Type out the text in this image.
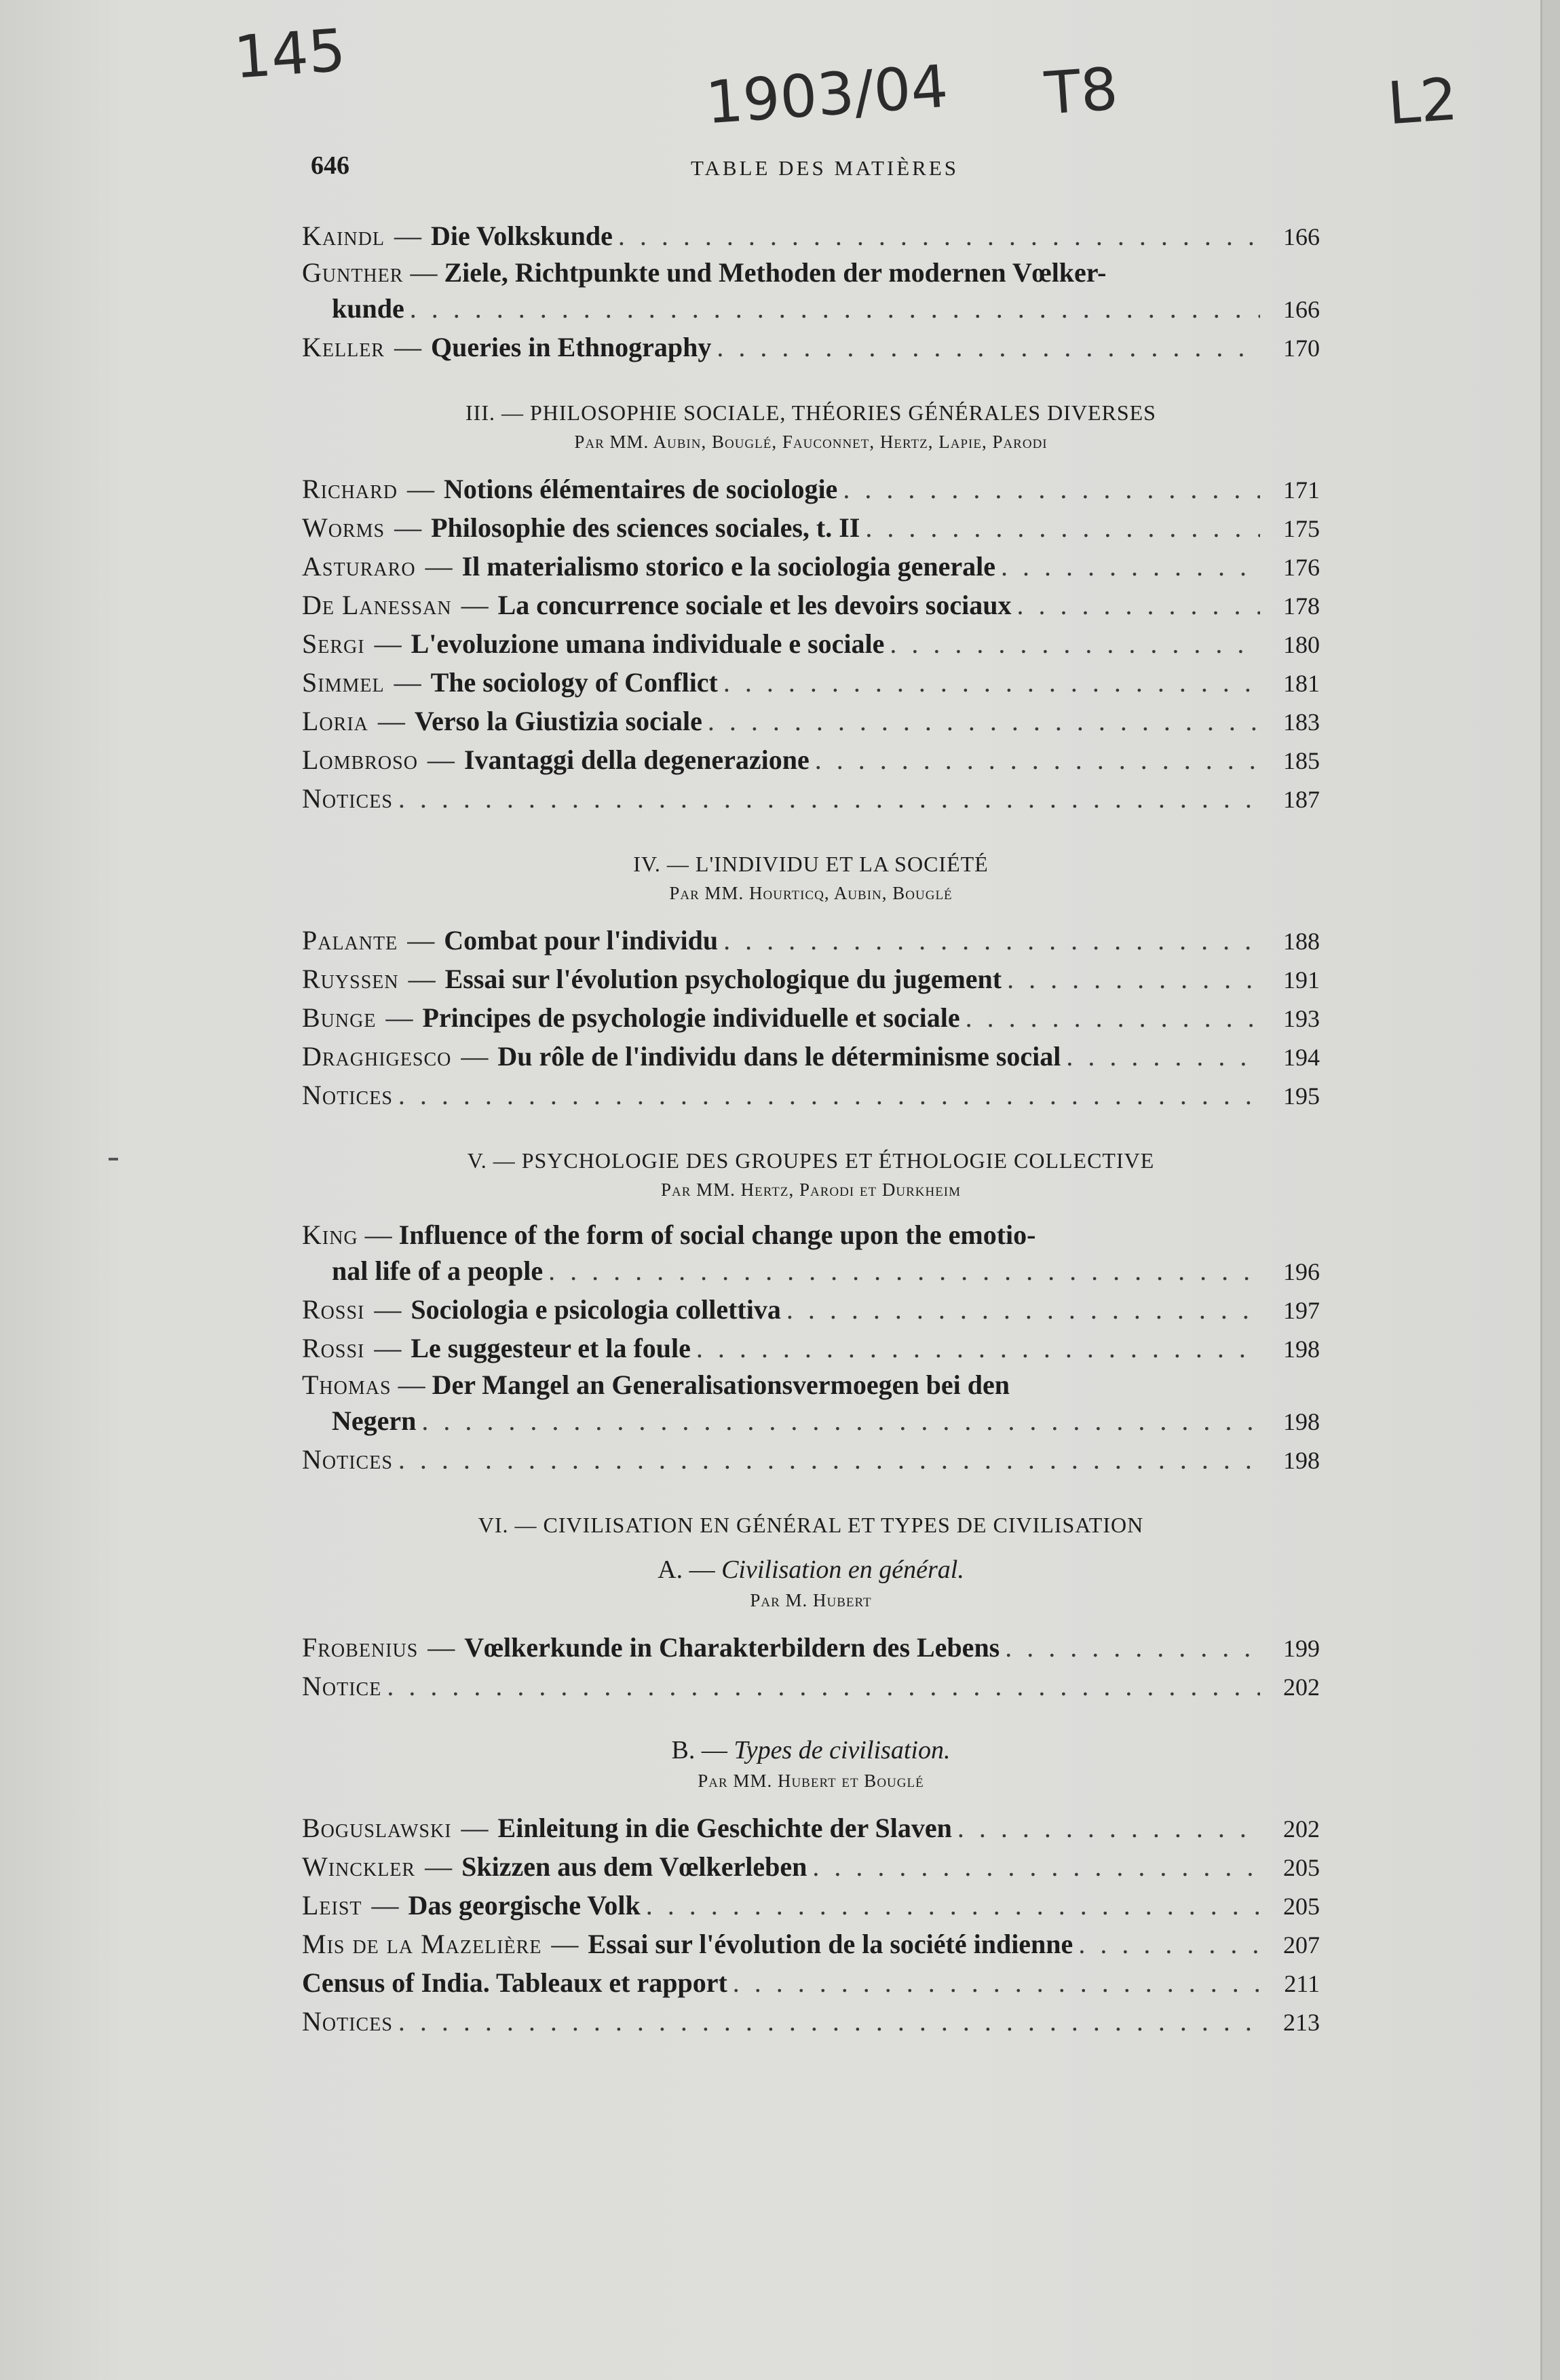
145	1903/04 T8	L2
646	TABLE DES MATIÈRES
Kaindl — Die Volkskunde . . .	166
Gunther — Ziele, Richtpunkte und Methoden der modernen Vœlker-
kunde . . .	166
Keller — Queries in Ethnography . . .	170
III. — PHILOSOPHIE SOCIALE, THÉORIES GÉNÉRALES DIVERSES
Par MM. Aubin, Bouglé, Fauconnet, Hertz, Lapie, Parodi
Richard — Notions élémentaires de sociologie . . .	171
Worms — Philosophie des sciences sociales, t. II . . .	175
Asturaro — Il materialismo storico e la sociologia generale . . .	176
De Lanessan — La concurrence sociale et les devoirs sociaux . . .	178
Sergi — L'evoluzione umana individuale e sociale . . .	180
Simmel — The sociology of Conflict . . .	181
Loria — Verso la Giustizia sociale . . .	183
Lombroso — Ivantaggi della degenerazione . . .	185
Notices . . .	187
IV. — L'INDIVIDU ET LA SOCIÉTÉ
Par MM. Hourticq, Aubin, Bouglé
Palante — Combat pour l'individu . . .	188
Ruyssen — Essai sur l'évolution psychologique du jugement . . .	191
Bunge — Principes de psychologie individuelle et sociale . . .	193
Draghigesco — Du rôle de l'individu dans le déterminisme social . . .	194
Notices . . .	195
V. — PSYCHOLOGIE DES GROUPES ET ÉTHOLOGIE COLLECTIVE
Par MM. Hertz, Parodi et Durkheim
King — Influence of the form of social change upon the emotio-
nal life of a people . . .	196
Rossi — Sociologia e psicologia collettiva . . .	197
Rossi — Le suggesteur et la foule . . .	198
Thomas — Der Mangel an Generalisationsvermoegen bei den
Negern . . .	198
Notices . . .	198
VI. — CIVILISATION EN GÉNÉRAL ET TYPES DE CIVILISATION
A. — Civilisation en général.
Par M. Hubert
Frobenius — Vœlkerkunde in Charakterbildern des Lebens . . .	199
Notice . . .	202
B. — Types de civilisation.
Par MM. Hubert et Bouglé
Boguslawski — Einleitung in die Geschichte der Slaven . . .	202
Winckler — Skizzen aus dem Vœlkerleben . . .	205
Leist — Das georgische Volk . . .	205
Mis de la Mazelière — Essai sur l'évolution de la société indienne . . .	207
Census of India. Tableaux et rapport . . .	211
Notices . . .	213
